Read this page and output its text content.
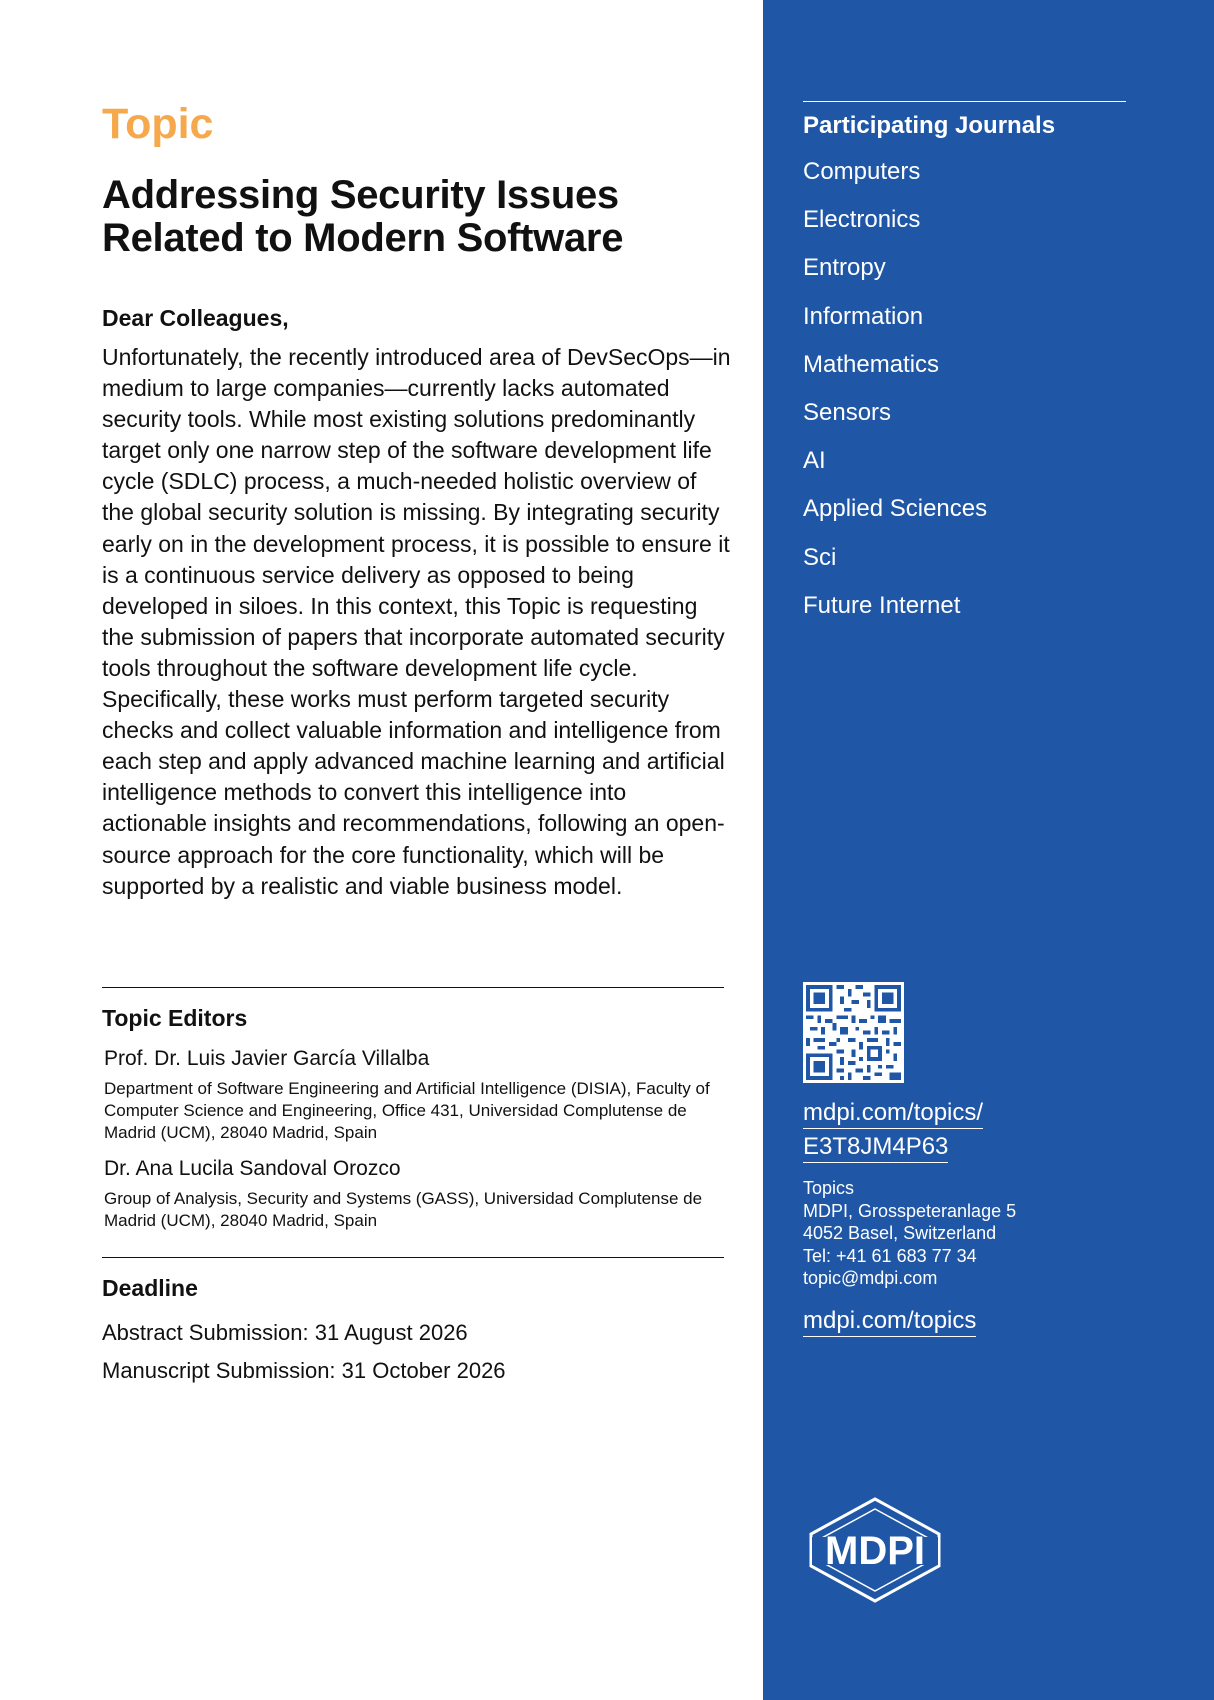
Topic
Addressing Security Issues
Related to Modern Software
Dear Colleagues,

Unfortunately, the recently introduced area of DevSecOps—in medium to large companies—currently lacks automated security tools. While most existing solutions predominantly target only one narrow step of the software development life cycle (SDLC) process, a much-needed holistic overview of the global security solution is missing. By integrating security early on in the development process, it is possible to ensure it is a continuous service delivery as opposed to being developed in siloes. In this context, this Topic is requesting the submission of papers that incorporate automated security tools throughout the software development life cycle. Specifically, these works must perform targeted security checks and collect valuable information and intelligence from each step and apply advanced machine learning and artificial intelligence methods to convert this intelligence into actionable insights and recommendations, following an open-source approach for the core functionality, which will be supported by a realistic and viable business model.

Topic Editors
Prof. Dr. Luis Javier García Villalba
Department of Software Engineering and Artificial Intelligence (DISIA), Faculty of Computer Science and Engineering, Office 431, Universidad Complutense de Madrid (UCM), 28040 Madrid, Spain
Dr. Ana Lucila Sandoval Orozco
Group of Analysis, Security and Systems (GASS), Universidad Complutense de Madrid (UCM), 28040 Madrid, Spain
Deadline
Abstract Submission: 31 August 2026
Manuscript Submission: 31 October 2026
Participating Journals
Computers
Electronics
Entropy
Information
Mathematics
Sensors
AI
Applied Sciences
Sci
Future Internet
mdpi.com/topics/
E3T8JM4P63
Topics
MDPI, Grosspeteranlage 5
4052 Basel, Switzerland
Tel: +41 61 683 77 34
topic@mdpi.com
mdpi.com/topics
MDPI
